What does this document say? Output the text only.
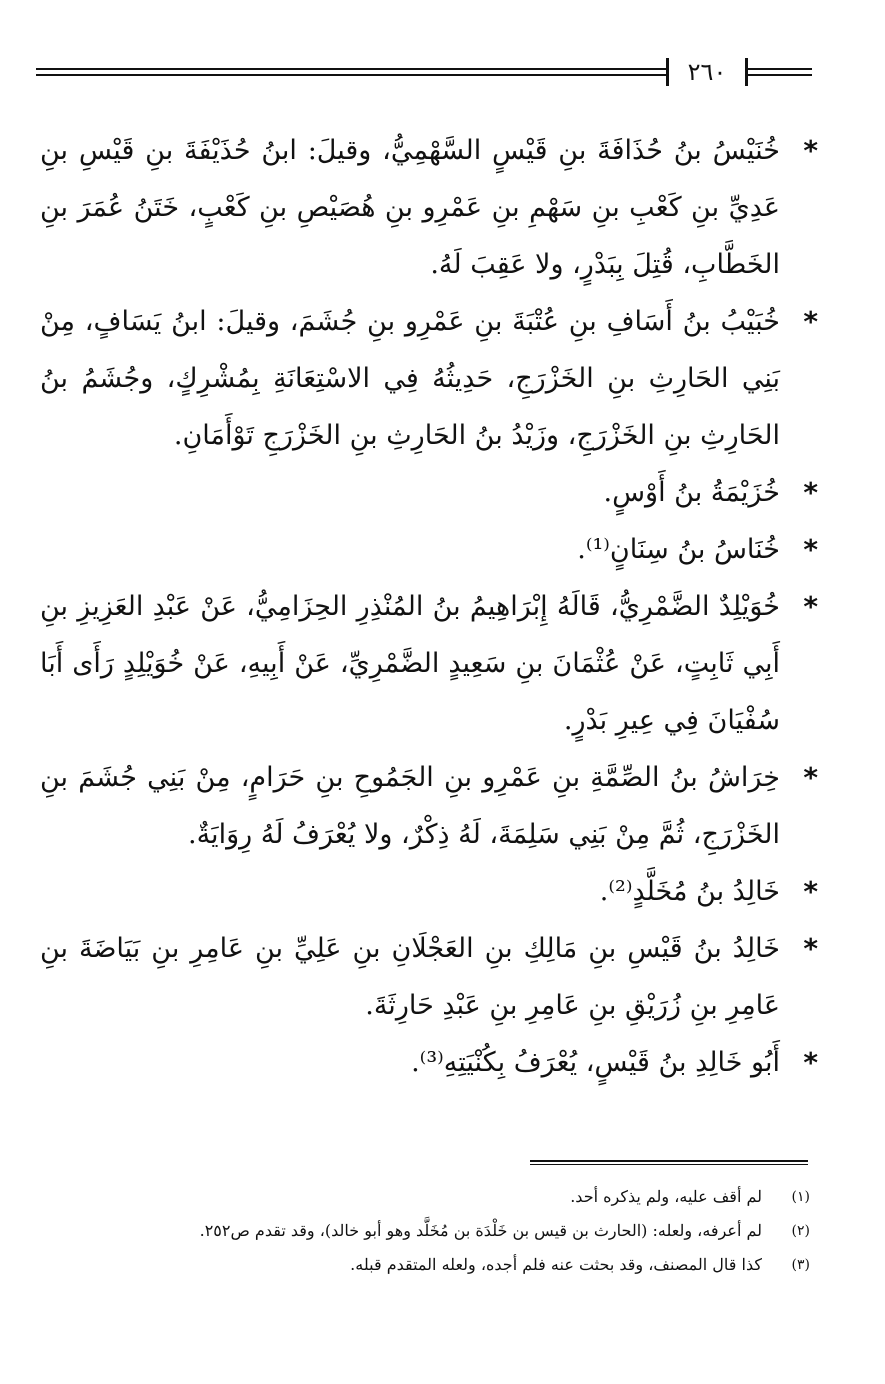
٢٦٠

*
خُنَيْسُ بنُ حُذَافَةَ بنِ قَيْسٍ السَّهْمِيُّ، وقيلَ: ابنُ حُذَيْفَةَ بنِ قَيْسِ بنِ عَدِيِّ بنِ كَعْبِ بنِ سَهْمِ بنِ عَمْرِو بنِ هُصَيْصِ بنِ كَعْبٍ، خَتَنُ عُمَرَ بنِ الخَطَّابِ، قُتِلَ بِبَدْرٍ، ولا عَقِبَ لَهُ.

*
خُبَيْبُ بنُ أَسَافِ بنِ عُتْبَةَ بنِ عَمْرِو بنِ جُشَمَ، وقيلَ: ابنُ يَسَافٍ، مِنْ بَنِي الحَارِثِ بنِ الخَزْرَجِ، حَدِيثُهُ فِي الاسْتِعَانَةِ بِمُشْرِكٍ، وجُشَمُ بنُ الحَارِثِ بنِ الخَزْرَجِ، وزَيْدُ بنُ الحَارِثِ بنِ الخَزْرَجِ تَوْأَمَانِ.

*
خُزَيْمَةُ بنُ أَوْسٍ.

*
خُنَاسُ بنُ سِنَانٍ⁽¹⁾.

*
خُوَيْلِدٌ الضَّمْرِيُّ، قَالَهُ إِبْرَاهِيمُ بنُ المُنْذِرِ الحِزَامِيُّ، عَنْ عَبْدِ العَزِيزِ بنِ أَبِي ثَابِتٍ، عَنْ عُثْمَانَ بنِ سَعِيدٍ الضَّمْرِيِّ، عَنْ أَبِيهِ، عَنْ خُوَيْلِدٍ رَأَى أَبَا سُفْيَانَ فِي عِيرِ بَدْرٍ.

*
خِرَاشُ بنُ الصِّمَّةِ بنِ عَمْرِو بنِ الجَمُوحِ بنِ حَرَامٍ، مِنْ بَنِي جُشَمَ بنِ الخَزْرَجِ، ثُمَّ مِنْ بَنِي سَلِمَةَ، لَهُ ذِكْرٌ، ولا يُعْرَفُ لَهُ رِوَايَةٌ.

*
خَالِدُ بنُ مُخَلَّدٍ⁽²⁾.

*
خَالِدُ بنُ قَيْسِ بنِ مَالِكِ بنِ العَجْلَانِ بنِ عَلِيِّ بنِ عَامِرِ بنِ بَيَاضَةَ بنِ عَامِرِ بنِ زُرَيْقِ بنِ عَامِرِ بنِ عَبْدِ حَارِثَةَ.

*
أَبُو خَالِدِ بنُ قَيْسٍ، يُعْرَفُ بِكُنْيَتِهِ⁽³⁾.

(١)
لم أقف عليه، ولم يذكره أحد.
(٢)
لم أعرفه، ولعله: (الحارث بن قيس بن خَلْدَة بن مُخَلَّد وهو أبو خالد)، وقد تقدم ص٢٥٢.
(٣)
كذا قال المصنف، وقد بحثت عنه فلم أجده، ولعله المتقدم قبله.
